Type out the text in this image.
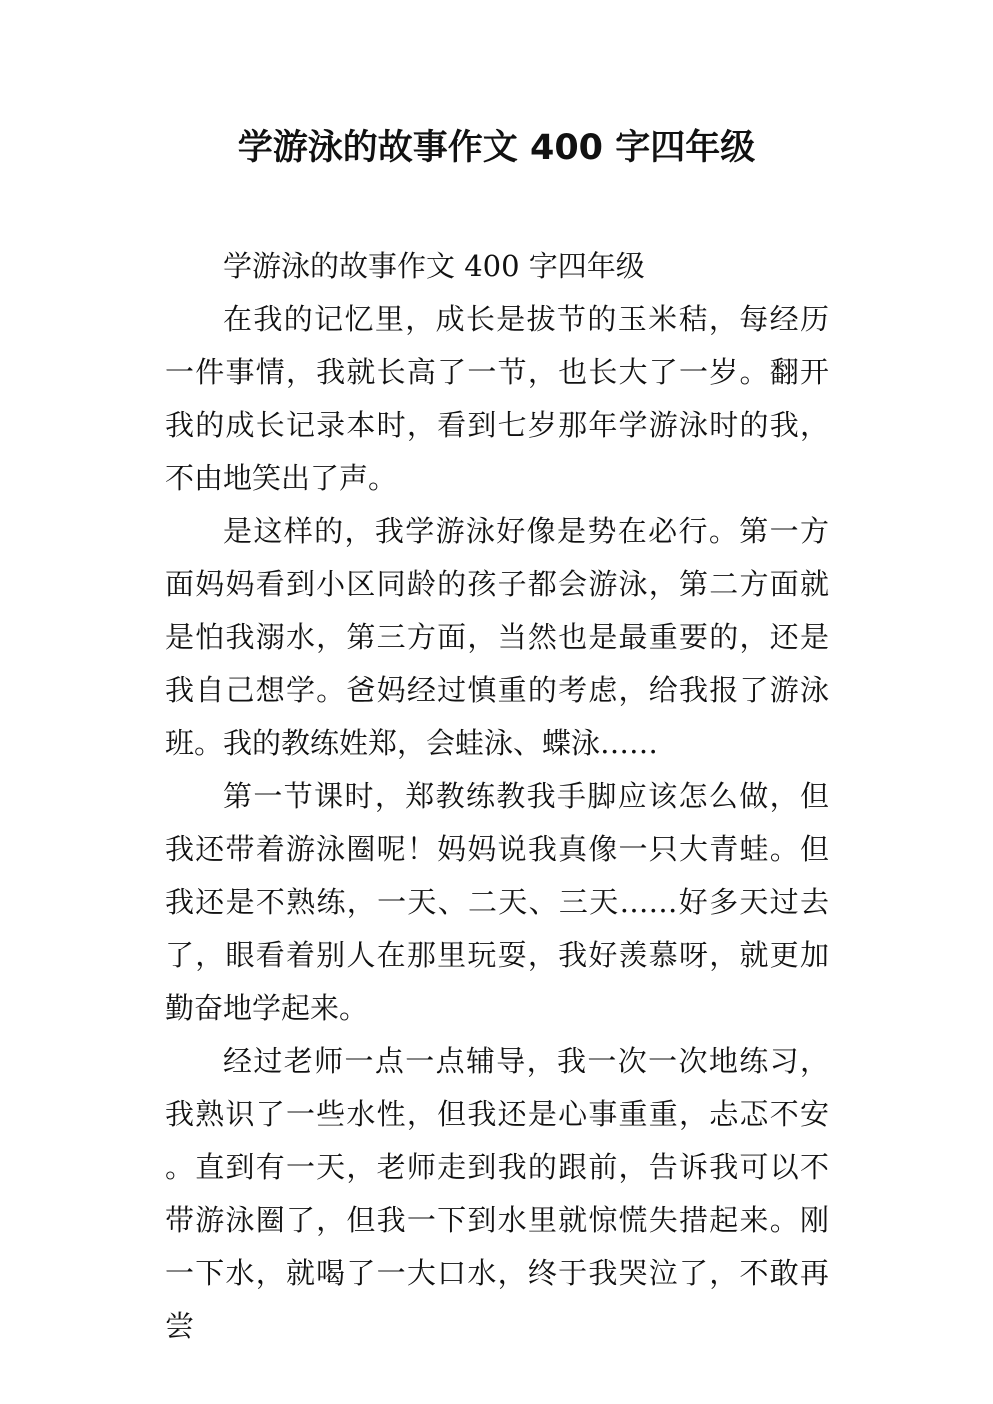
学游泳的故事作文 400 字四年级

学游泳的故事作文 400 字四年级

在我的记忆里，成长是拔节的玉米秸，每经历一件事情，我就长高了一节，也长大了一岁。翻开我的成长记录本时，看到七岁那年学游泳时的我，不由地笑出了声。

是这样的，我学游泳好像是势在必行。第一方面妈妈看到小区同龄的孩子都会游泳，第二方面就是怕我溺水，第三方面，当然也是最重要的，还是我自己想学。爸妈经过慎重的考虑，给我报了游泳班。我的教练姓郑，会蛙泳、蝶泳……

第一节课时，郑教练教我手脚应该怎么做，但我还带着游泳圈呢！妈妈说我真像一只大青蛙。但我还是不熟练，一天、二天、三天……好多天过去了，眼看着别人在那里玩耍，我好羡慕呀，就更加勤奋地学起来。

经过老师一点一点辅导，我一次一次地练习，我熟识了一些水性，但我还是心事重重，忐忑不安。直到有一天，老师走到我的跟前，告诉我可以不带游泳圈了，但我一下到水里就惊慌失措起来。刚一下水，就喝了一大口水，终于我哭泣了，不敢再尝
